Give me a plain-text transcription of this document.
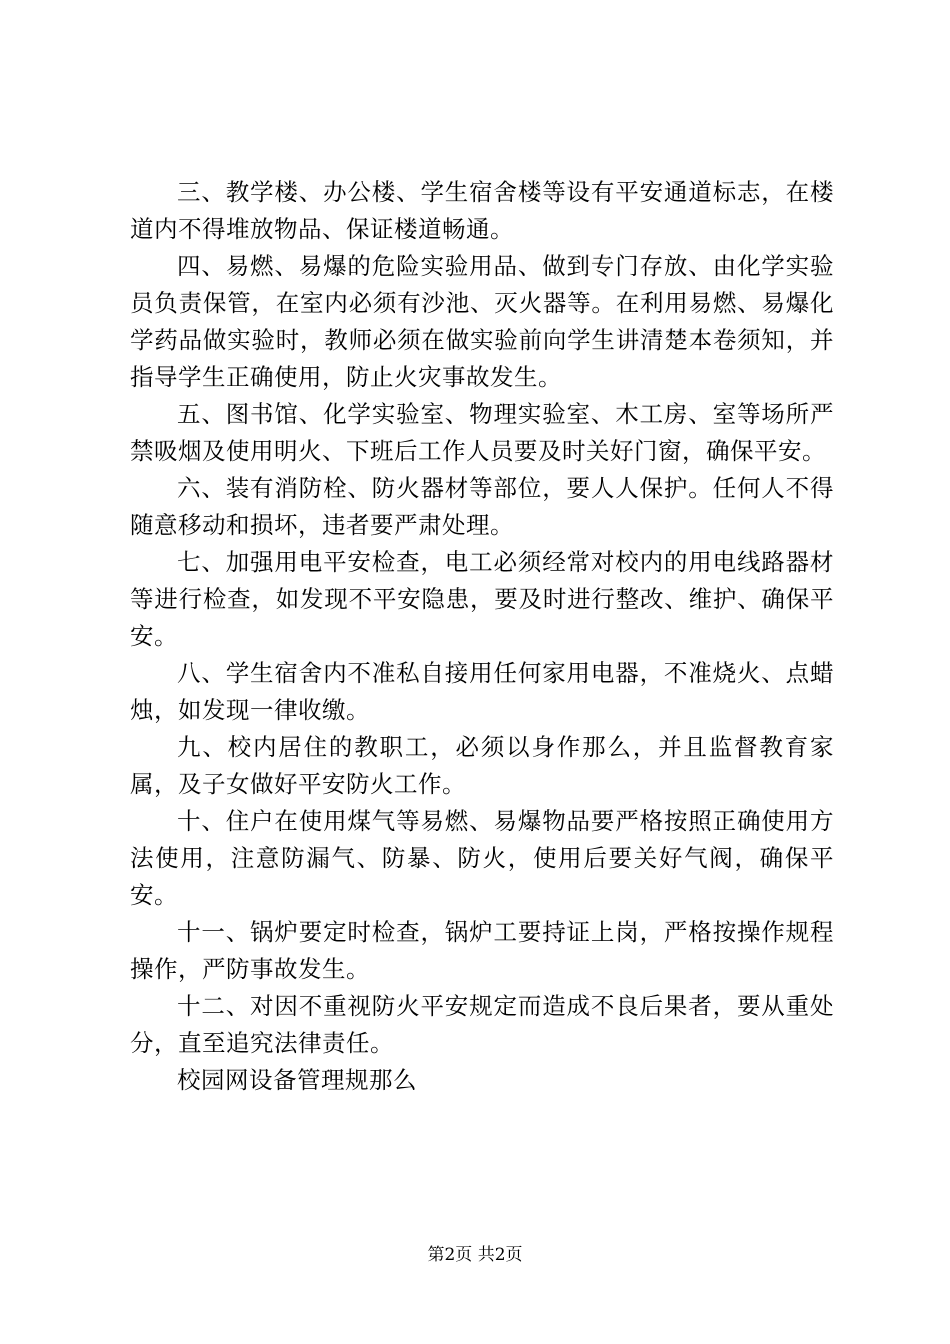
三、教学楼、办公楼、学生宿舍楼等设有平安通道标志，在楼道内不得堆放物品、保证楼道畅通。

四、易燃、易爆的危险实验用品、做到专门存放、由化学实验员负责保管，在室内必须有沙池、灭火器等。在利用易燃、易爆化学药品做实验时，教师必须在做实验前向学生讲清楚本卷须知，并指导学生正确使用，防止火灾事故发生。

五、图书馆、化学实验室、物理实验室、木工房、室等场所严禁吸烟及使用明火、下班后工作人员要及时关好门窗，确保平安。

六、装有消防栓、防火器材等部位，要人人保护。任何人不得随意移动和损坏，违者要严肃处理。

七、加强用电平安检查，电工必须经常对校内的用电线路器材等进行检查，如发现不平安隐患，要及时进行整改、维护、确保平安。

八、学生宿舍内不准私自接用任何家用电器，不准烧火、点蜡烛，如发现一律收缴。

九、校内居住的教职工，必须以身作那么，并且监督教育家属，及子女做好平安防火工作。

十、住户在使用煤气等易燃、易爆物品要严格按照正确使用方法使用，注意防漏气、防暴、防火，使用后要关好气阀，确保平安。

十一、锅炉要定时检查，锅炉工要持证上岗，严格按操作规程操作，严防事故发生。

十二、对因不重视防火平安规定而造成不良后果者，要从重处分，直至追究法律责任。

校园网设备管理规那么

第2页 共2页
